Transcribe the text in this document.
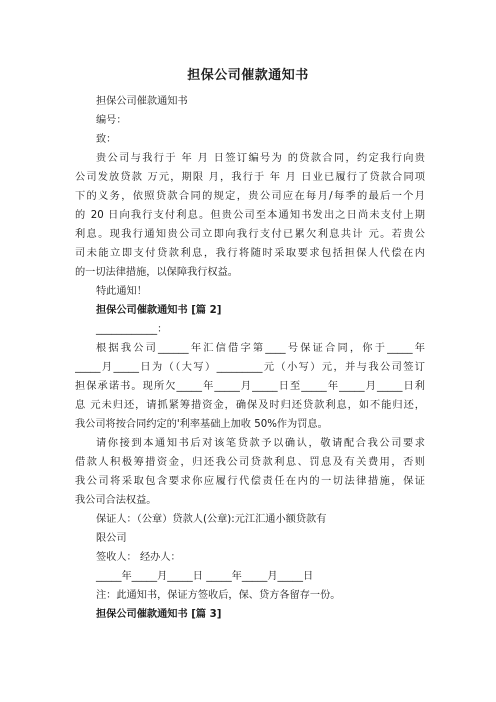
担保公司催款通知书
担保公司催款通知书
编号：
致：
贵公司与我行于 年 月 日签订编号为 的贷款合同，约定我行向贵
公司发放贷款 万元，期限 月，我行于 年 月 日业已履行了贷款合同项
下的义务，依照贷款合同的规定，贵公司应在每月/每季的最后一个月
的 20 日向我行支付利息。但贵公司至本通知书发出之日尚未支付上期
利息。现我行通知贵公司立即向我行支付已累欠利息共计 元。若贵公
司未能立即支付贷款利息，我行将随时采取要求包括担保人代偿在内
的一切法律措施，以保障我行权益。
特此通知！
担保公司催款通知书 [篇 2]
____________：
根据我公司______年汇信借字第____号保证合同，你于_____年
_____月_____日为（（大写）_________元（小写）元，并与我公司签订
担保承诺书。现所欠_____年_____月_____日至_____年_____月_____日利
息 元未归还，请抓紧筹措资金，确保及时归还贷款利息，如不能归还，
我公司将按合同约定的'利率基础上加收 50%作为罚息。
请你接到本通知书后对该笔贷款予以确认，敬请配合我公司要求
借款人积极筹措资金，归还我公司贷款利息、罚息及有关费用，否则
我公司将采取包含要求你应履行代偿责任在内的一切法律措施，保证
我公司合法权益。
保证人：（公章）贷款人(公章):元江汇通小额贷款有
限公司
签收人： 经办人：
_____年_____月_____日 _____年_____月_____日
注：此通知书，保证方签收后，保、贷方各留存一份。
担保公司催款通知书 [篇 3]
